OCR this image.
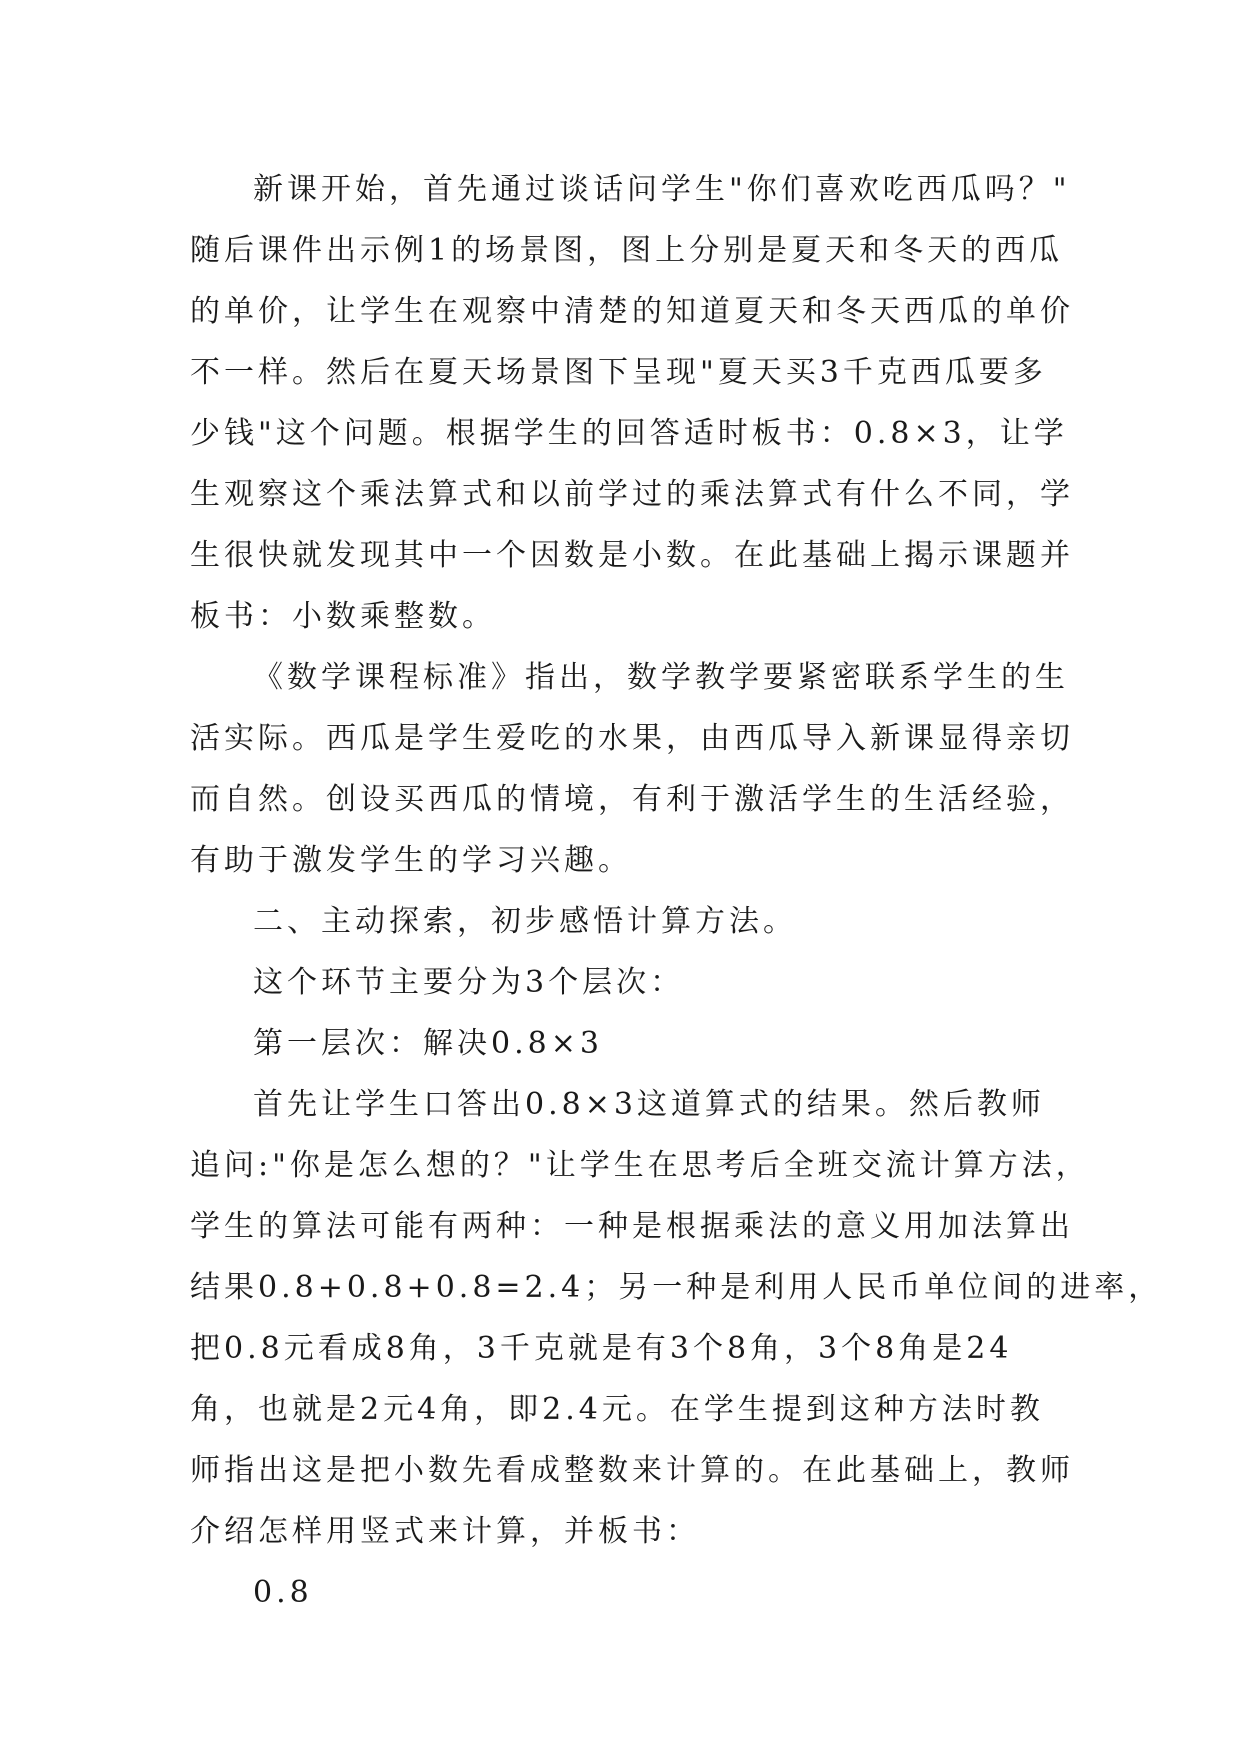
新课开始，首先通过谈话问学生"你们喜欢吃西瓜吗？"
随后课件出示例1的场景图，图上分别是夏天和冬天的西瓜
的单价，让学生在观察中清楚的知道夏天和冬天西瓜的单价
不一样。然后在夏天场景图下呈现"夏天买3千克西瓜要多
少钱"这个问题。根据学生的回答适时板书：0.8×3，让学
生观察这个乘法算式和以前学过的乘法算式有什么不同，学
生很快就发现其中一个因数是小数。在此基础上揭示课题并
板书：小数乘整数。
《数学课程标准》指出，数学教学要紧密联系学生的生
活实际。西瓜是学生爱吃的水果，由西瓜导入新课显得亲切
而自然。创设买西瓜的情境，有利于激活学生的生活经验，
有助于激发学生的学习兴趣。
二、主动探索，初步感悟计算方法。
这个环节主要分为3个层次：
第一层次：解决0.8×3
首先让学生口答出0.8×3这道算式的结果。然后教师
追问:"你是怎么想的？"让学生在思考后全班交流计算方法，
学生的算法可能有两种：一种是根据乘法的意义用加法算出
结果0.8+0.8+0.8=2.4；另一种是利用人民币单位间的进率，
把0.8元看成8角，3千克就是有3个8角，3个8角是24
角，也就是2元4角，即2.4元。在学生提到这种方法时教
师指出这是把小数先看成整数来计算的。在此基础上，教师
介绍怎样用竖式来计算，并板书：
0.8
